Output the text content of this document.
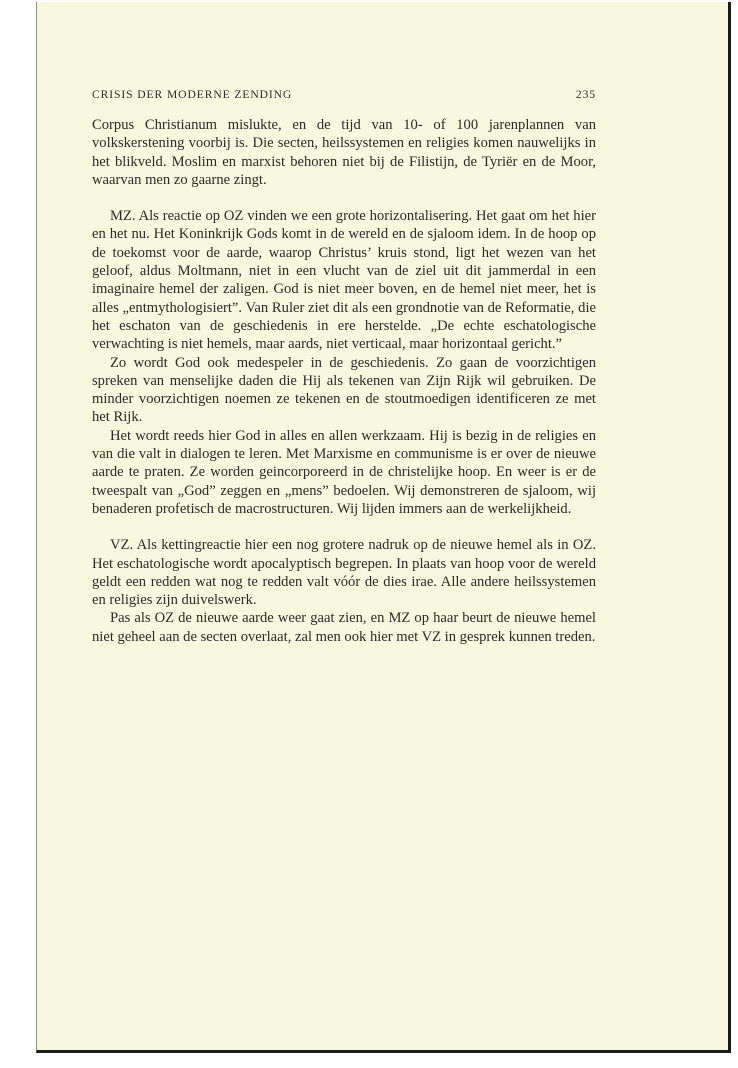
CRISIS DER MODERNE ZENDING	235

Corpus Christianum mislukte, en de tijd van 10- of 100 jarenplannen van volkskerstening voorbij is. Die secten, heilssystemen en religies komen nauwelijks in het blikveld. Moslim en marxist behoren niet bij de Filistijn, de Tyriër en de Moor, waarvan men zo gaarne zingt.

MZ. Als reactie op OZ vinden we een grote horizontalisering. Het gaat om het hier en het nu. Het Koninkrijk Gods komt in de wereld en de sjaloom idem. In de hoop op de toekomst voor de aarde, waarop Christus’ kruis stond, ligt het wezen van het geloof, aldus Moltmann, niet in een vlucht van de ziel uit dit jammerdal in een imaginaire hemel der zaligen. God is niet meer boven, en de hemel niet meer, het is alles „entmythologisiert”. Van Ruler ziet dit als een grondnotie van de Reformatie, die het eschaton van de geschiedenis in ere herstelde. „De echte eschatologische verwachting is niet hemels, maar aards, niet verticaal, maar horizontaal gericht.”

Zo wordt God ook medespeler in de geschiedenis. Zo gaan de voorzichtigen spreken van menselijke daden die Hij als tekenen van Zijn Rijk wil gebruiken. De minder voorzichtigen noemen ze tekenen en de stoutmoedigen identificeren ze met het Rijk.

Het wordt reeds hier God in alles en allen werkzaam. Hij is bezig in de religies en van die valt in dialogen te leren. Met Marxisme en communisme is er over de nieuwe aarde te praten. Ze worden geincorporeerd in de christelijke hoop. En weer is er de tweespalt van „God” zeggen en „mens” bedoelen. Wij demonstreren de sjaloom, wij benaderen profetisch de macrostructuren. Wij lijden immers aan de werkelijkheid.

VZ. Als kettingreactie hier een nog grotere nadruk op de nieuwe hemel als in OZ. Het eschatologische wordt apocalyptisch begrepen. In plaats van hoop voor de wereld geldt een redden wat nog te redden valt vóór de dies irae. Alle andere heilssystemen en religies zijn duivelswerk.

Pas als OZ de nieuwe aarde weer gaat zien, en MZ op haar beurt de nieuwe hemel niet geheel aan de secten overlaat, zal men ook hier met VZ in gesprek kunnen treden.
